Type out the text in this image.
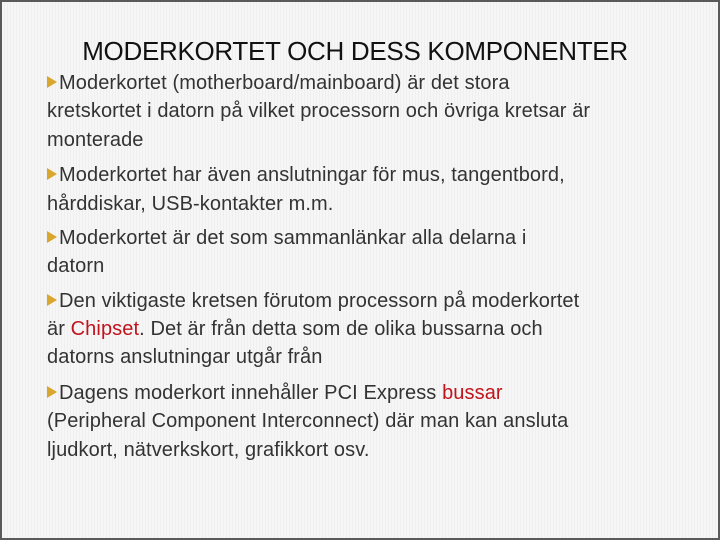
MODERKORTET OCH DESS KOMPONENTER
Moderkortet (motherboard/mainboard) är det stora
kretskortet i datorn på vilket processorn och övriga kretsar är
monterade
Moderkortet har även anslutningar för mus, tangentbord,
hårddiskar, USB-kontakter m.m.
Moderkortet är det som sammanlänkar alla delarna i
datorn
Den viktigaste kretsen förutom processorn på moderkortet
är Chipset. Det är från detta som de olika bussarna och
datorns anslutningar utgår från
Dagens moderkort innehåller PCI Express bussar
(Peripheral Component Interconnect) där man kan ansluta
ljudkort, nätverkskort, grafikkort osv.
